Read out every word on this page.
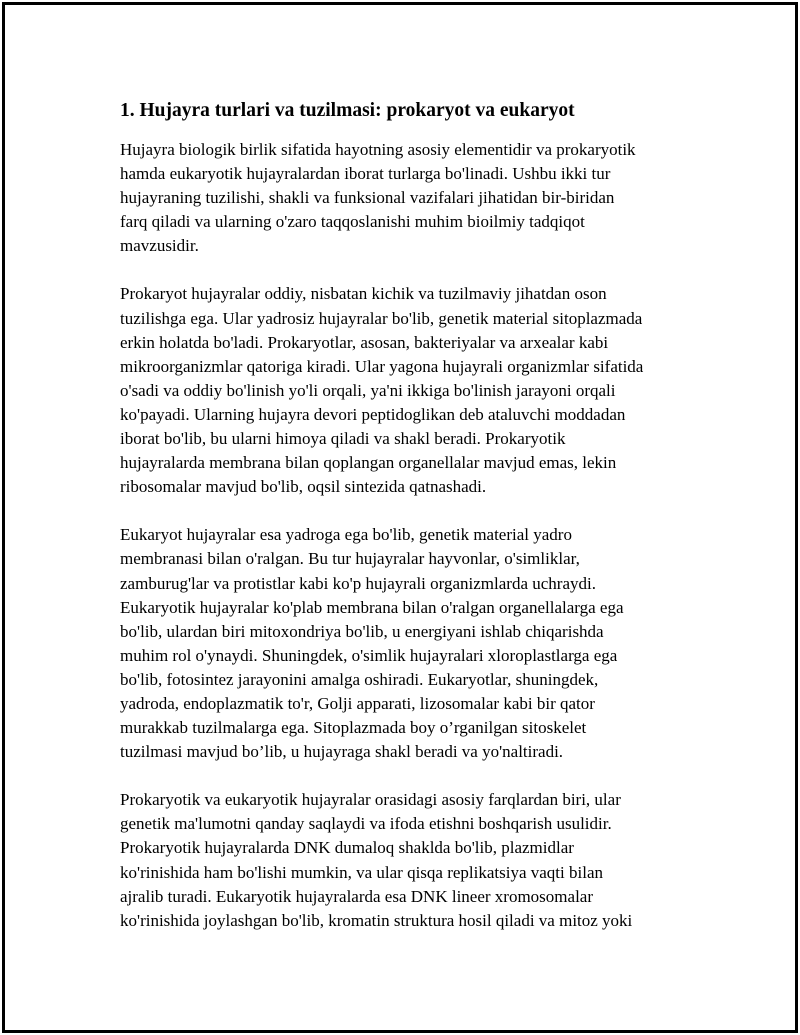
1. Hujayra turlari va tuzilmasi: prokaryot va eukaryot

Hujayra biologik birlik sifatida hayotning asosiy elementidir va prokaryotik
hamda eukaryotik hujayralardan iborat turlarga bo'linadi. Ushbu ikki tur
hujayraning tuzilishi, shakli va funksional vazifalari jihatidan bir-biridan
farq qiladi va ularning o'zaro taqqoslanishi muhim bioilmiy tadqiqot
mavzusidir.

Prokaryot hujayralar oddiy, nisbatan kichik va tuzilmaviy jihatdan oson
tuzilishga ega. Ular yadrosiz hujayralar bo'lib, genetik material sitoplazmada
erkin holatda bo'ladi. Prokaryotlar, asosan, bakteriyalar va arxealar kabi
mikroorganizmlar qatoriga kiradi. Ular yagona hujayrali organizmlar sifatida
o'sadi va oddiy bo'linish yo'li orqali, ya'ni ikkiga bo'linish jarayoni orqali
ko'payadi. Ularning hujayra devori peptidoglikan deb ataluvchi moddadan
iborat bo'lib, bu ularni himoya qiladi va shakl beradi. Prokaryotik
hujayralarda membrana bilan qoplangan organellalar mavjud emas, lekin
ribosomalar mavjud bo'lib, oqsil sintezida qatnashadi.

Eukaryot hujayralar esa yadroga ega bo'lib, genetik material yadro
membranasi bilan o'ralgan. Bu tur hujayralar hayvonlar, o'simliklar,
zamburug'lar va protistlar kabi ko'p hujayrali organizmlarda uchraydi.
Eukaryotik hujayralar ko'plab membrana bilan o'ralgan organellalarga ega
bo'lib, ulardan biri mitoxondriya bo'lib, u energiyani ishlab chiqarishda
muhim rol o'ynaydi. Shuningdek, o'simlik hujayralari xloroplastlarga ega
bo'lib, fotosintez jarayonini amalga oshiradi. Eukaryotlar, shuningdek,
yadroda, endoplazmatik to'r, Golji apparati, lizosomalar kabi bir qator
murakkab tuzilmalarga ega. Sitoplazmada boy o’rganilgan sitoskelet
tuzilmasi mavjud bo’lib, u hujayraga shakl beradi va yo'naltiradi.

Prokaryotik va eukaryotik hujayralar orasidagi asosiy farqlardan biri, ular
genetik ma'lumotni qanday saqlaydi va ifoda etishni boshqarish usulidir.
Prokaryotik hujayralarda DNK dumaloq shaklda bo'lib, plazmidlar
ko'rinishida ham bo'lishi mumkin, va ular qisqa replikatsiya vaqti bilan
ajralib turadi. Eukaryotik hujayralarda esa DNK lineer xromosomalar
ko'rinishida joylashgan bo'lib, kromatin struktura hosil qiladi va mitoz yoki
